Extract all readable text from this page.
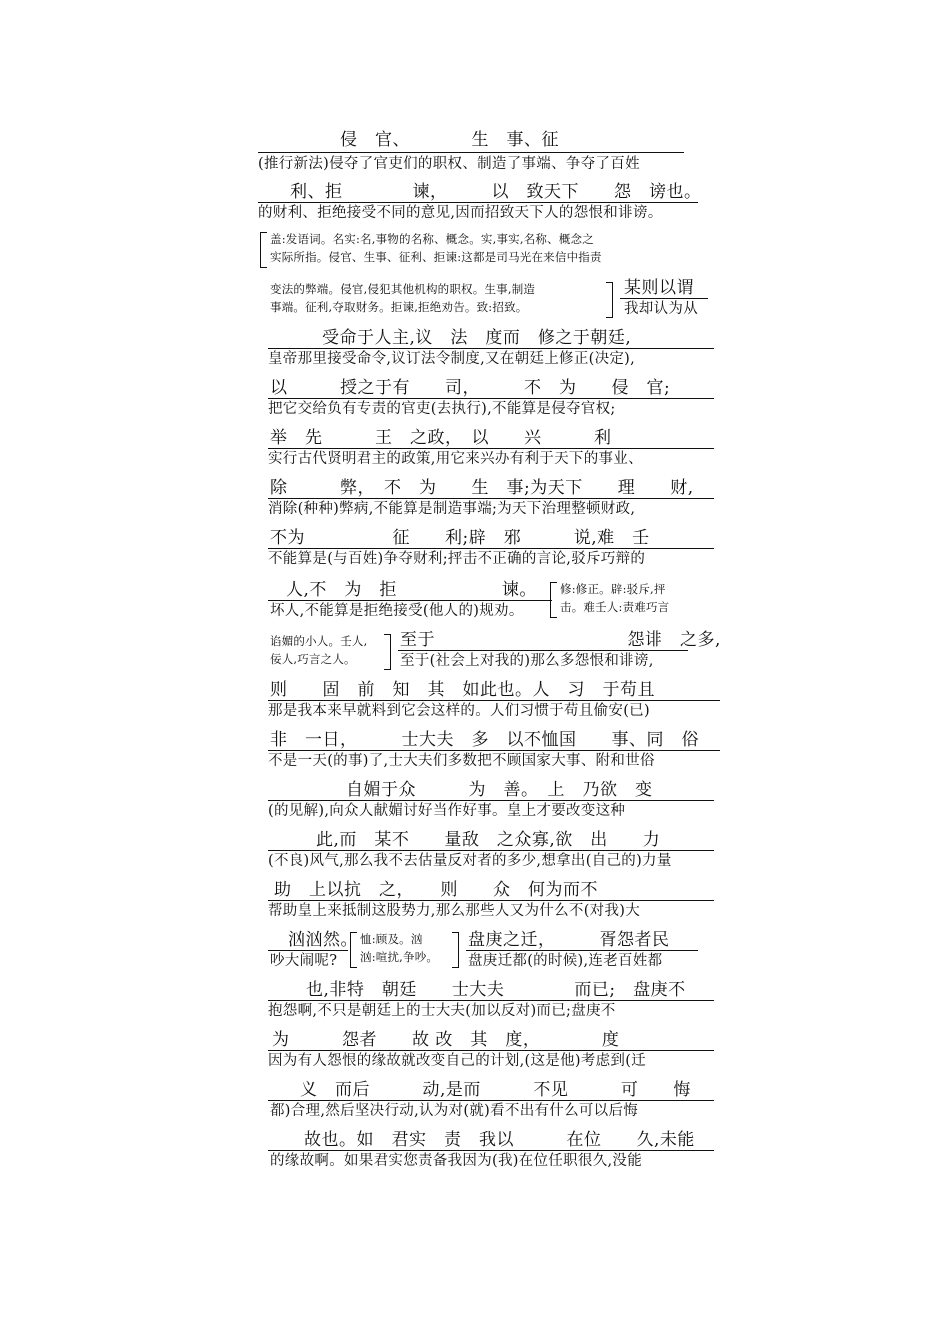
侵　官、　　　　生　事、征
(推行新法)侵夺了官吏们的职权、制造了事端、争夺了百姓
利、拒　　　　谏，　　　以　致天下　　怨　谤也。
的财利、拒绝接受不同的意见,因而招致天下人的怨恨和诽谤。
盖:发语词。名实:名,事物的名称、概念。实,事实,名称、概念之
实际所指。侵官、生事、征利、拒谏:这都是司马光在来信中指责
变法的弊端。侵官,侵犯其他机构的职权。生事,制造
事端。征利,夺取财务。拒谏,拒绝劝告。致:招致。
某则以谓
我却认为从
受命于人主,议　法　度而　修之于朝廷,
皇帝那里接受命令,议订法令制度,又在朝廷上修正(决定),
以　　　授之于有　　司，　　　不　为　　侵　官;
把它交给负有专责的官吏(去执行),不能算是侵夺官权;
举　先　　　王　之政，　以　　兴　　　利
实行古代贤明君主的政策,用它来兴办有利于天下的事业、
除　　　弊，　不　为　　生　事;为天下　　理　　财,
消除(种种)弊病,不能算是制造事端;为天下治理整顿财政,
不为　　　　　征　　利;辟　邪　　　说,难　壬
不能算是(与百姓)争夺财利;抨击不正确的言论,驳斥巧辩的
人,不　为　拒　　　　　　谏。
坏人,不能算是拒绝接受(他人的)规劝。
修:修正。辟:驳斥,抨
击。难壬人:责难巧言
谄媚的小人。壬人,
佞人,巧言之人。
至于　　　　　　　　　　　怨诽　之多,
至于(社会上对我的)那么多怨恨和诽谤,
则　　固　前　知　其　如此也。人　习　于苟且
那是我本来早就料到它会这样的。人们习惯于苟且偷安(已)
非　一日，　　　士大夫　多　以不恤国　　事、同　俗
不是一天(的事)了,士大夫们多数把不顾国家大事、附和世俗
自媚于众　　　为　善。　上　乃欲　变
(的见解),向众人献媚讨好当作好事。皇上才要改变这种
此,而　某不　　量敌　之众寡,欲　出　　力
(不良)风气,那么我不去估量反对者的多少,想拿出(自己的)力量
助　上以抗　之，　　则　　众　何为而不
帮助皇上来抵制这股势力,那么那些人又为什么不(对我)大
汹汹然。
吵大闹呢?
恤:顾及。汹
汹:喧扰,争吵。
盘庚之迁，　　　胥怨者民
盘庚迁都(的时候),连老百姓都
也,非特　朝廷　　士大夫　　　　而已;　盘庚不
抱怨啊,不只是朝廷上的士大夫(加以反对)而已;盘庚不
为　　　怨者　　故 改　其　度，　　　　度
因为有人怨恨的缘故就改变自己的计划,(这是他)考虑到(迁
义　而后　　　动,是而　　　不见　　　可　　悔
都)合理,然后坚决行动,认为对(就)看不出有什么可以后悔
故也。如　君实　责　我以　　　在位　　久,未能
的缘故啊。如果君实您责备我因为(我)在位任职很久,没能
